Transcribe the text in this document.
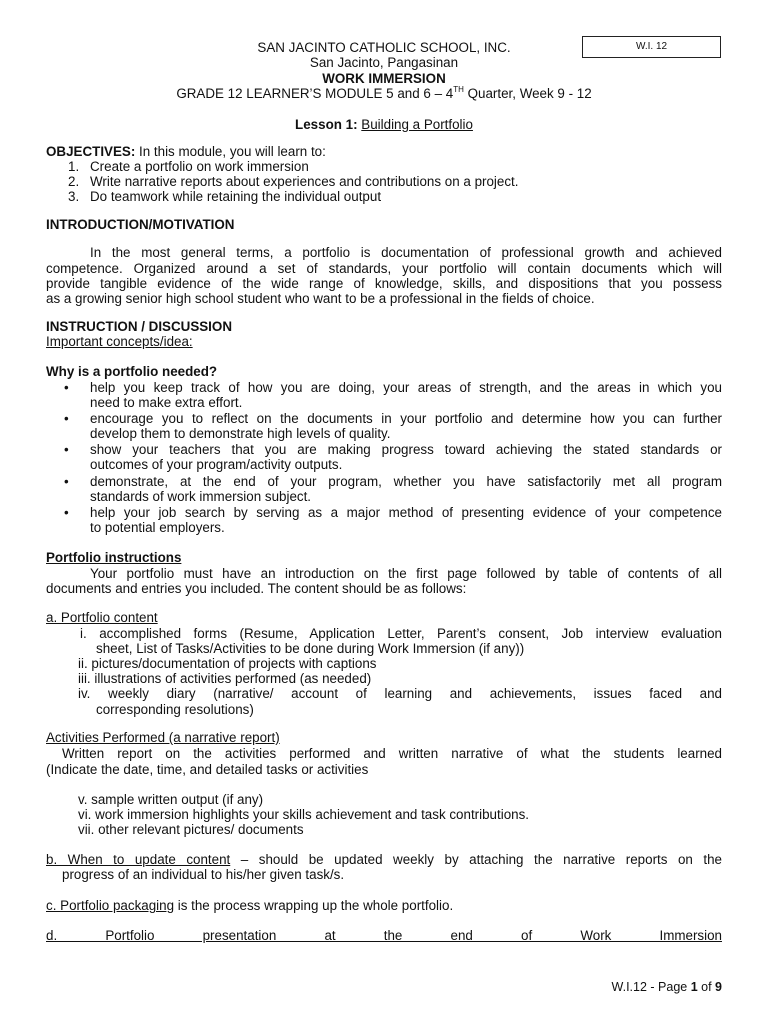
SAN JACINTO CATHOLIC SCHOOL, INC.
San Jacinto, Pangasinan
WORK IMMERSION
GRADE 12 LEARNER’S MODULE 5 and 6 – 4TH Quarter, Week 9 - 12
W.I. 12
Lesson 1: Building a Portfolio
OBJECTIVES: In this module, you will learn to:
1. Create a portfolio on work immersion
2. Write narrative reports about experiences and contributions on a project.
3. Do teamwork while retaining the individual output
INTRODUCTION/MOTIVATION
In the most general terms, a portfolio is documentation of professional growth and achieved
competence. Organized around a set of standards, your portfolio will contain documents which will
provide tangible evidence of the wide range of knowledge, skills, and dispositions that you possess
as a growing senior high school student who want to be a professional in the fields of choice.
INSTRUCTION / DISCUSSION
Important concepts/idea:
Why is a portfolio needed?
• help you keep track of how you are doing, your areas of strength, and the areas in which you
need to make extra effort.
• encourage you to reflect on the documents in your portfolio and determine how you can further
develop them to demonstrate high levels of quality.
• show your teachers that you are making progress toward achieving the stated standards or
outcomes of your program/activity outputs.
• demonstrate, at the end of your program, whether you have satisfactorily met all program
standards of work immersion subject.
• help your job search by serving as a major method of presenting evidence of your competence
to potential employers.
Portfolio instructions
Your portfolio must have an introduction on the first page followed by table of contents of all
documents and entries you included. The content should be as follows:
a. Portfolio content
i. accomplished forms (Resume, Application Letter, Parent’s consent, Job interview evaluation
sheet, List of Tasks/Activities to be done during Work Immersion (if any))
ii. pictures/documentation of projects with captions
iii. illustrations of activities performed (as needed)
iv. weekly diary (narrative/ account of learning and achievements, issues faced and
corresponding resolutions)
Activities Performed (a narrative report)
Written report on the activities performed and written narrative of what the students learned
(Indicate the date, time, and detailed tasks or activities
v. sample written output (if any)
vi. work immersion highlights your skills achievement and task contributions.
vii. other relevant pictures/ documents
b. When to update content – should be updated weekly by attaching the narrative reports on the
progress of an individual to his/her given task/s.
c. Portfolio packaging is the process wrapping up the whole portfolio.
d. Portfolio presentation at the end of Work Immersion
W.I.12 - Page 1 of 9
